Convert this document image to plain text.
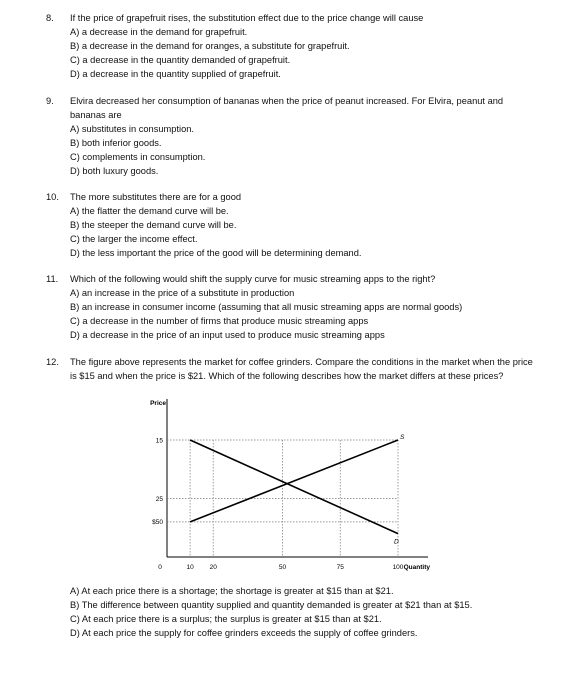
8. If the price of grapefruit rises, the substitution effect due to the price change will cause
A) a decrease in the demand for grapefruit.
B) a decrease in the demand for oranges, a substitute for grapefruit.
C) a decrease in the quantity demanded of grapefruit.
D) a decrease in the quantity supplied of grapefruit.
9. Elvira decreased her consumption of bananas when the price of peanut increased. For Elvira, peanut and bananas are
A) substitutes in consumption.
B) both inferior goods.
C) complements in consumption.
D) both luxury goods.
10. The more substitutes there are for a good
A) the flatter the demand curve will be.
B) the steeper the demand curve will be.
C) the larger the income effect.
D) the less important the price of the good will be determining demand.
11. Which of the following would shift the supply curve for music streaming apps to the right?
A) an increase in the price of a substitute in production
B) an increase in consumer income (assuming that all music streaming apps are normal goods)
C) a decrease in the number of firms that produce music streaming apps
D) a decrease in the price of an input used to produce music streaming apps
12. The figure above represents the market for coffee grinders. Compare the conditions in the market when the price is $15 and when the price is $21. Which of the following describes how the market differs at these prices?
Price
Quantity
S
D
$50
25
15
0	10 20	50	75	100
A) At each price there is a shortage; the shortage is greater at $15 than at $21.
B) The difference between quantity supplied and quantity demanded is greater at $21 than at $15.
C) At each price there is a surplus; the surplus is greater at $15 than at $21.
D) At each price the supply for coffee grinders exceeds the supply of coffee grinders.
